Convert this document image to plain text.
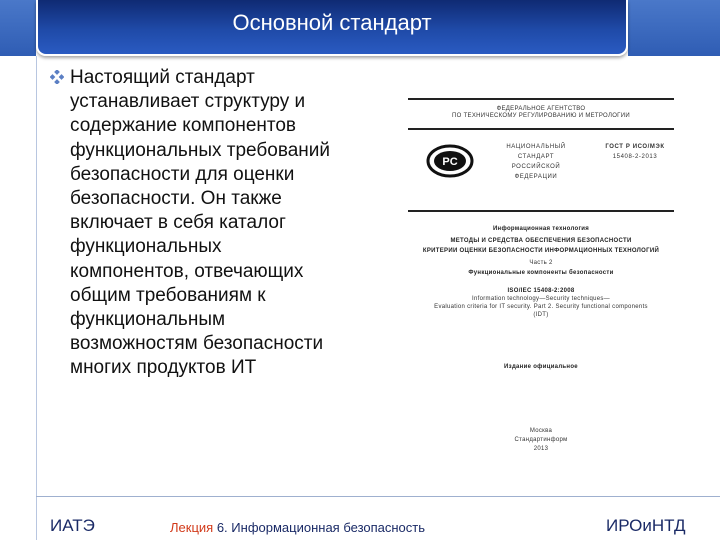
Основной стандарт
Настоящий стандарт устанавливает структуру и содержание компонентов функциональных требований безопасности для оценки безопасности. Он также включает в себя каталог функциональных компонентов, отвечающих общим требованиям к функциональным возможностям безопасности многих продуктов ИТ
ФЕДЕРАЛЬНОЕ АГЕНТСТВО
ПО ТЕХНИЧЕСКОМУ РЕГУЛИРОВАНИЮ И МЕТРОЛОГИИ
PC
НАЦИОНАЛЬНЫЙ
СТАНДАРТ
РОССИЙСКОЙ
ФЕДЕРАЦИИ
ГОСТ Р ИСО/МЭК
15408-2-2013
Информационная технология
МЕТОДЫ И СРЕДСТВА ОБЕСПЕЧЕНИЯ БЕЗОПАСНОСТИ
КРИТЕРИИ ОЦЕНКИ БЕЗОПАСНОСТИ ИНФОРМАЦИОННЫХ ТЕХНОЛОГИЙ
Часть 2
Функциональные компоненты безопасности
ISO/IEC 15408-2:2008
Information technology—Security techniques—
Evaluation criteria for IT security. Part 2. Security functional components
(IDT)
Издание официальное
Москва
Стандартинформ
2013
ИАТЭ	Лекция 6. Информационная безопасность	ИРОиНТД
